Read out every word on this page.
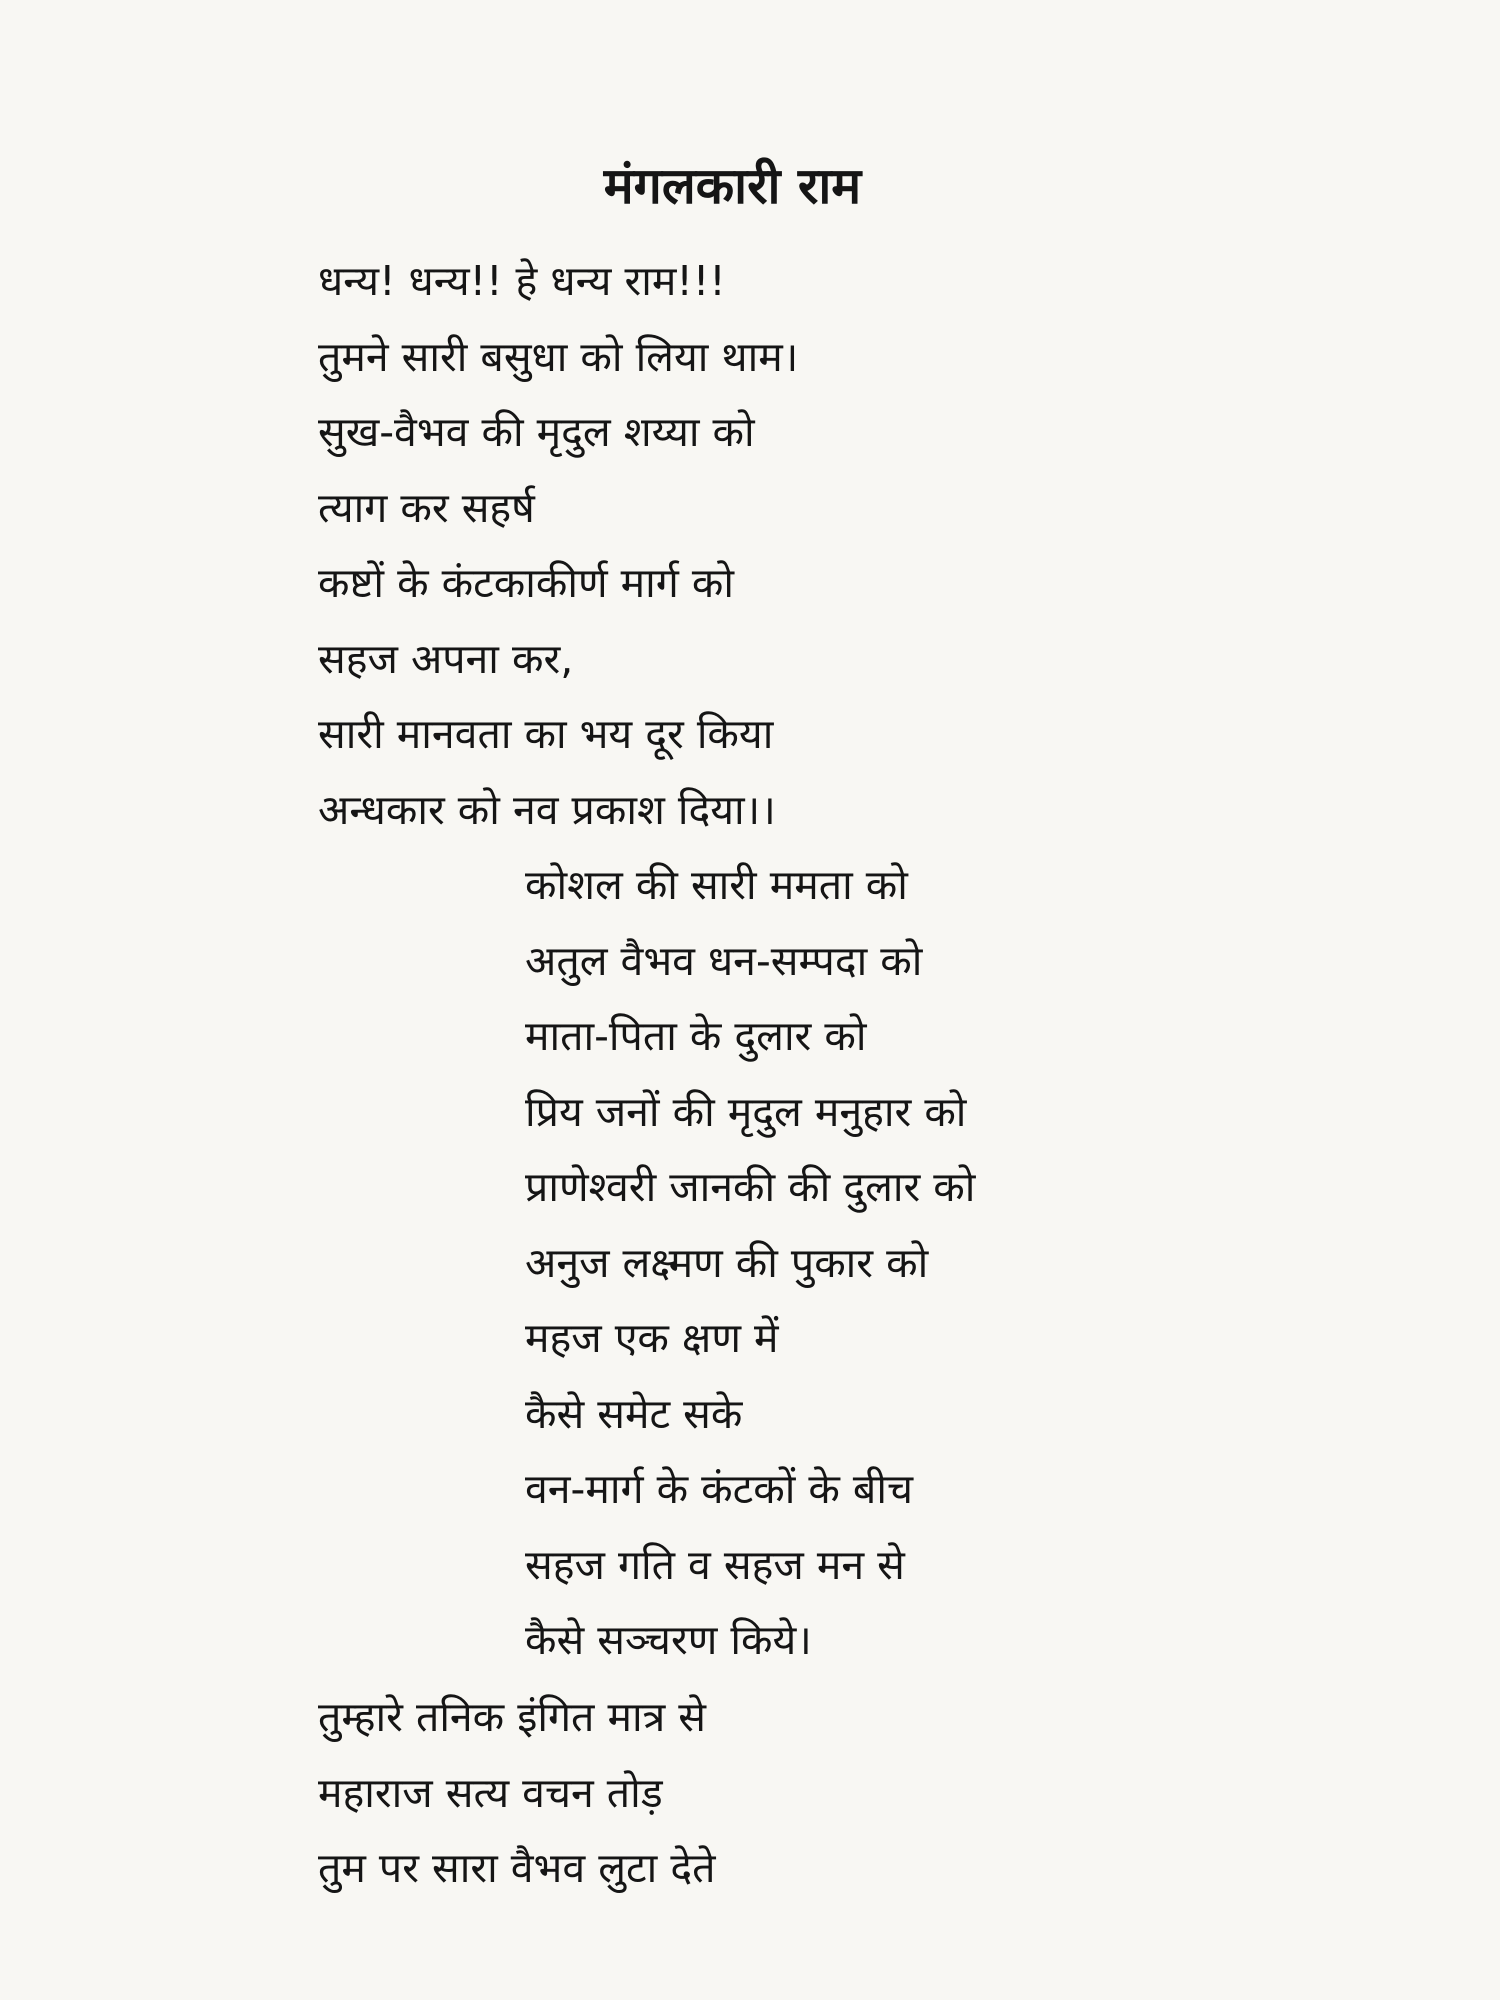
मंगलकारी राम
धन्य! धन्य!! हे धन्य राम!!!
तुमने सारी बसुधा को लिया थाम।
सुख-वैभव की मृदुल शय्या को
त्याग कर सहर्ष
कष्टों के कंटकाकीर्ण मार्ग को
सहज अपना कर,
सारी मानवता का भय दूर किया
अन्धकार को नव प्रकाश दिया।।
कोशल की सारी ममता को
अतुल वैभव धन-सम्पदा को
माता-पिता के दुलार को
प्रिय जनों की मृदुल मनुहार को
प्राणेश्वरी जानकी की दुलार को
अनुज लक्ष्मण की पुकार को
महज एक क्षण में
कैसे समेट सके
वन-मार्ग के कंटकों के बीच
सहज गति व सहज मन से
कैसे सञ्चरण किये।
तुम्हारे तनिक इंगित मात्र से
महाराज सत्य वचन तोड़
तुम पर सारा वैभव लुटा देते
